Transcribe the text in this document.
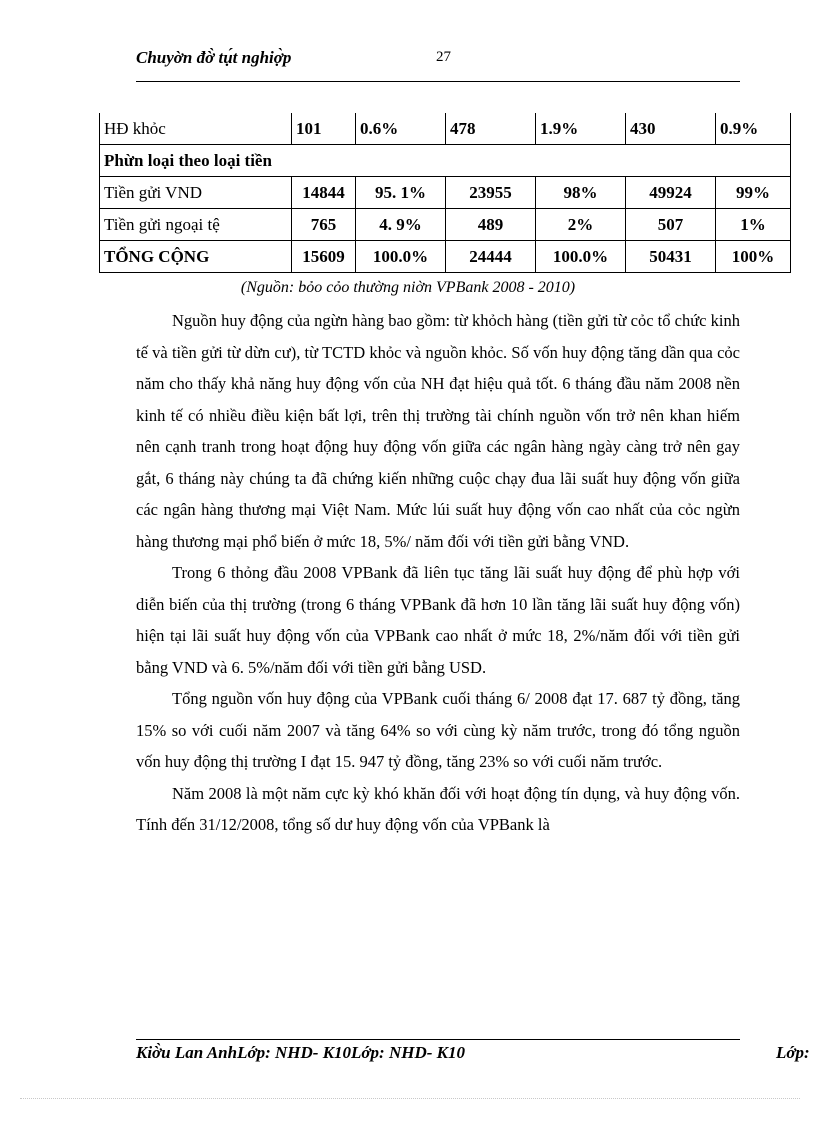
Chuyờn đờ̀ tụ́t nghiợ̀p	27
HĐ khỏc	101	0.6%	478	1.9%	430	0.9%
Phừn loại theo loại tiền						
Tiền gửi VND	14844	95. 1%	23955	98%	49924	99%
Tiền gửi ngoại tệ	765	4. 9%	489	2%	507	1%
TỔNG CỘNG	15609	100.0%	24444	100.0%	50431	100%
(Nguồn: bỏo cỏo thường niờn VPBank 2008 - 2010)

Nguồn huy động của ngừn hàng bao gồm: từ khỏch hàng (tiền gửi từ cỏc tổ chức kinh tế và tiền gửi từ dừn cư), từ TCTD khỏc và nguồn khỏc. Số vốn huy động tăng dần qua cỏc năm cho thấy khả năng huy động vốn của NH đạt hiệu quả tốt. 6 tháng đầu năm 2008 nền kinh tế có nhiều điều kiện bất lợi, trên thị trường tài chính nguồn vốn trở nên khan hiếm nên cạnh tranh trong hoạt động huy động vốn giữa các ngân hàng ngày càng trở nên gay gắt, 6 tháng này chúng ta đã chứng kiến những cuộc chạy đua lãi suất huy động vốn giữa các ngân hàng thương mại Việt Nam. Mức lúi suất huy động vốn cao nhất của cỏc ngừn hàng thương mại phổ biến ở mức 18, 5%/ năm đối với tiền gửi bằng VND.

Trong 6 thỏng đầu 2008 VPBank đã liên tục tăng lãi suất huy động để phù hợp với diễn biến của thị trường (trong 6 tháng VPBank đã hơn 10 lần tăng lãi suất huy động vốn) hiện tại lãi suất huy động vốn của VPBank cao nhất ở mức 18, 2%/năm đối với tiền gửi bằng VND và 6. 5%/năm đối với tiền gửi bằng USD.

Tổng nguồn vốn huy động của VPBank cuối tháng 6/ 2008 đạt 17. 687 tỷ đồng, tăng 15% so với cuối năm 2007 và tăng 64% so với cùng kỳ năm trước, trong đó tổng nguồn vốn huy động thị trường I đạt 15. 947 tỷ đồng, tăng 23% so với cuối năm trước.

Năm 2008 là một năm cực kỳ khó khăn đối với hoạt động tín dụng, và huy động vốn. Tính đến 31/12/2008, tổng số dư huy động vốn của VPBank là

Kiờ̀u Lan AnhLớp: NHD- K10Lớp: NHD- K10	Lớp:
